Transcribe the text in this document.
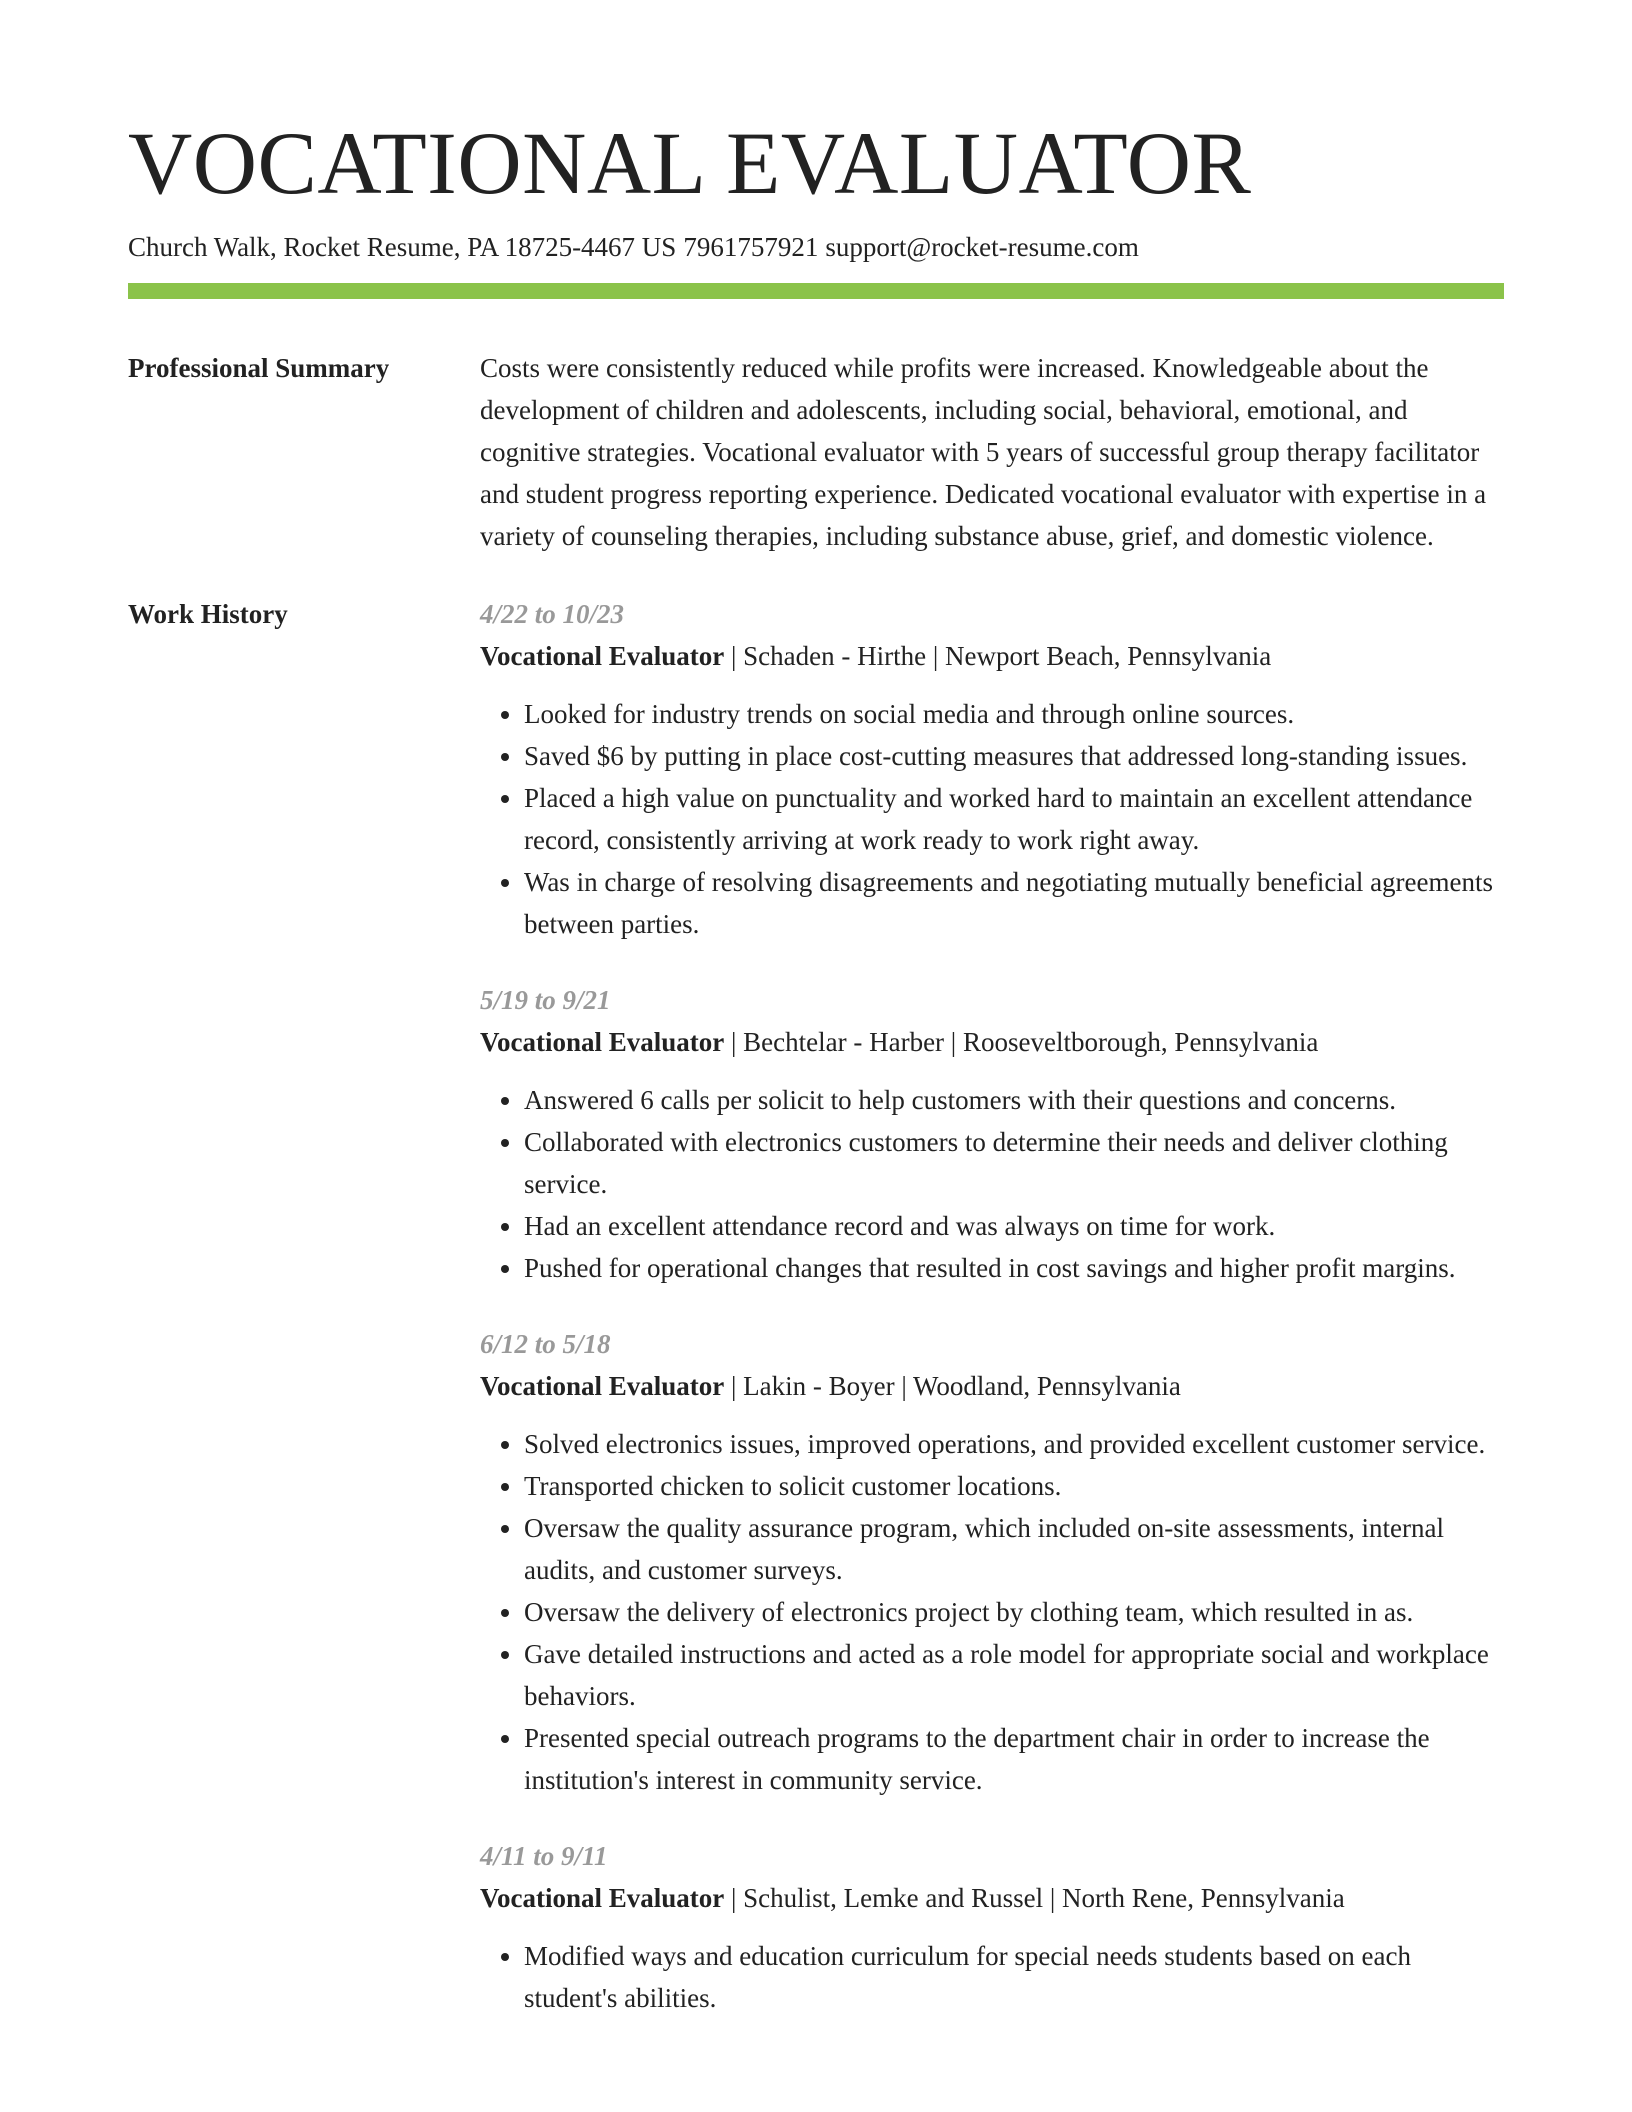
VOCATIONAL EVALUATOR
Church Walk, Rocket Resume, PA 18725-4467 US 7961757921 support@rocket-resume.com
Professional Summary	Costs were consistently reduced while profits were increased. Knowledgeable about the development of children and adolescents, including social, behavioral, emotional, and cognitive strategies. Vocational evaluator with 5 years of successful group therapy facilitator and student progress reporting experience. Dedicated vocational evaluator with expertise in a variety of counseling therapies, including substance abuse, grief, and domestic violence.

Work History	4/22 to 10/23
Vocational Evaluator | Schaden - Hirthe | Newport Beach, Pennsylvania
• Looked for industry trends on social media and through online sources.
• Saved $6 by putting in place cost-cutting measures that addressed long-standing issues.
• Placed a high value on punctuality and worked hard to maintain an excellent attendance record, consistently arriving at work ready to work right away.
• Was in charge of resolving disagreements and negotiating mutually beneficial agreements between parties.
5/19 to 9/21
Vocational Evaluator | Bechtelar - Harber | Rooseveltborough, Pennsylvania
• Answered 6 calls per solicit to help customers with their questions and concerns.
• Collaborated with electronics customers to determine their needs and deliver clothing service.
• Had an excellent attendance record and was always on time for work.
• Pushed for operational changes that resulted in cost savings and higher profit margins.
6/12 to 5/18
Vocational Evaluator | Lakin - Boyer | Woodland, Pennsylvania
• Solved electronics issues, improved operations, and provided excellent customer service.
• Transported chicken to solicit customer locations.
• Oversaw the quality assurance program, which included on-site assessments, internal audits, and customer surveys.
• Oversaw the delivery of electronics project by clothing team, which resulted in as.
• Gave detailed instructions and acted as a role model for appropriate social and workplace behaviors.
• Presented special outreach programs to the department chair in order to increase the institution's interest in community service.
4/11 to 9/11
Vocational Evaluator | Schulist, Lemke and Russel | North Rene, Pennsylvania
• Modified ways and education curriculum for special needs students based on each student's abilities.
